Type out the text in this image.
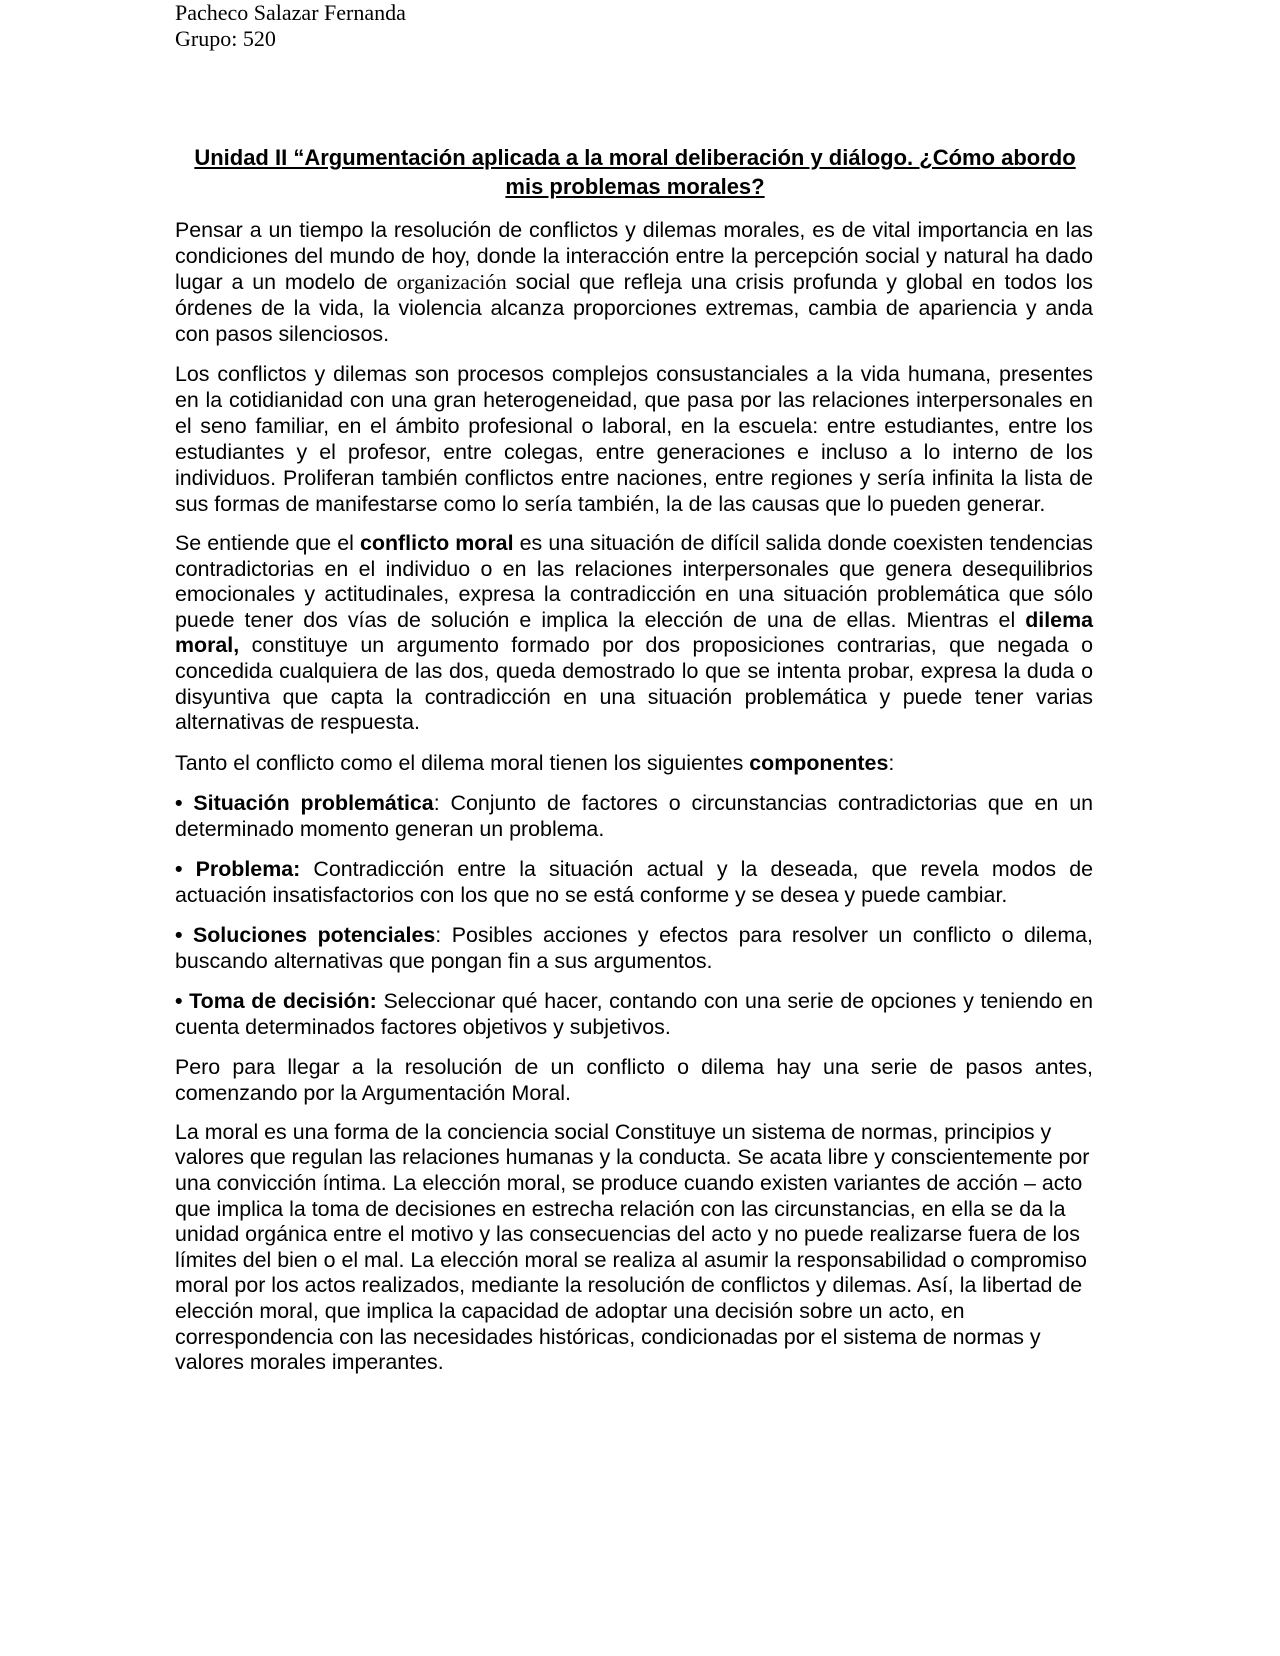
Pacheco Salazar Fernanda
Grupo: 520
Unidad II “Argumentación aplicada a la moral deliberación y diálogo. ¿Cómo abordo mis problemas morales?

Pensar a un tiempo la resolución de conflictos y dilemas morales, es de vital importancia en las condiciones del mundo de hoy, donde la interacción entre la percepción social y natural ha dado lugar a un modelo de organización social que refleja una crisis profunda y global en todos los órdenes de la vida, la violencia alcanza proporciones extremas, cambia de apariencia y anda con pasos silenciosos.

Los conflictos y dilemas son procesos complejos consustanciales a la vida humana, presentes en la cotidianidad con una gran heterogeneidad, que pasa por las relaciones interpersonales en el seno familiar, en el ámbito profesional o laboral, en la escuela: entre estudiantes, entre los estudiantes y el profesor, entre colegas, entre generaciones e incluso a lo interno de los individuos. Proliferan también conflictos entre naciones, entre regiones y sería infinita la lista de sus formas de manifestarse como lo sería también, la de las causas que lo pueden generar.

Se entiende que el conflicto moral es una situación de difícil salida donde coexisten tendencias contradictorias en el individuo o en las relaciones interpersonales que genera desequilibrios emocionales y actitudinales, expresa la contradicción en una situación problemática que sólo puede tener dos vías de solución e implica la elección de una de ellas. Mientras el dilema moral, constituye un argumento formado por dos proposiciones contrarias, que negada o concedida cualquiera de las dos, queda demostrado lo que se intenta probar, expresa la duda o disyuntiva que capta la contradicción en una situación problemática y puede tener varias alternativas de respuesta.

Tanto el conflicto como el dilema moral tienen los siguientes componentes:

• Situación problemática: Conjunto de factores o circunstancias contradictorias que en un determinado momento generan un problema.

• Problema: Contradicción entre la situación actual y la deseada, que revela modos de actuación insatisfactorios con los que no se está conforme y se desea y puede cambiar.

• Soluciones potenciales: Posibles acciones y efectos para resolver un conflicto o dilema, buscando alternativas que pongan fin a sus argumentos.

• Toma de decisión: Seleccionar qué hacer, contando con una serie de opciones y teniendo en cuenta determinados factores objetivos y subjetivos.

Pero para llegar a la resolución de un conflicto o dilema hay una serie de pasos antes, comenzando por la Argumentación Moral.

La moral es una forma de la conciencia social Constituye un sistema de normas, principios y valores que regulan las relaciones humanas y la conducta. Se acata libre y conscientemente por una convicción íntima. La elección moral, se produce cuando existen variantes de acción – acto que implica la toma de decisiones en estrecha relación con las circunstancias, en ella se da la unidad orgánica entre el motivo y las consecuencias del acto y no puede realizarse fuera de los límites del bien o el mal. La elección moral se realiza al asumir la responsabilidad o compromiso moral por los actos realizados, mediante la resolución de conflictos y dilemas. Así, la libertad de elección moral, que implica la capacidad de adoptar una decisión sobre un acto, en correspondencia con las necesidades históricas, condicionadas por el sistema de normas y valores morales imperantes.
